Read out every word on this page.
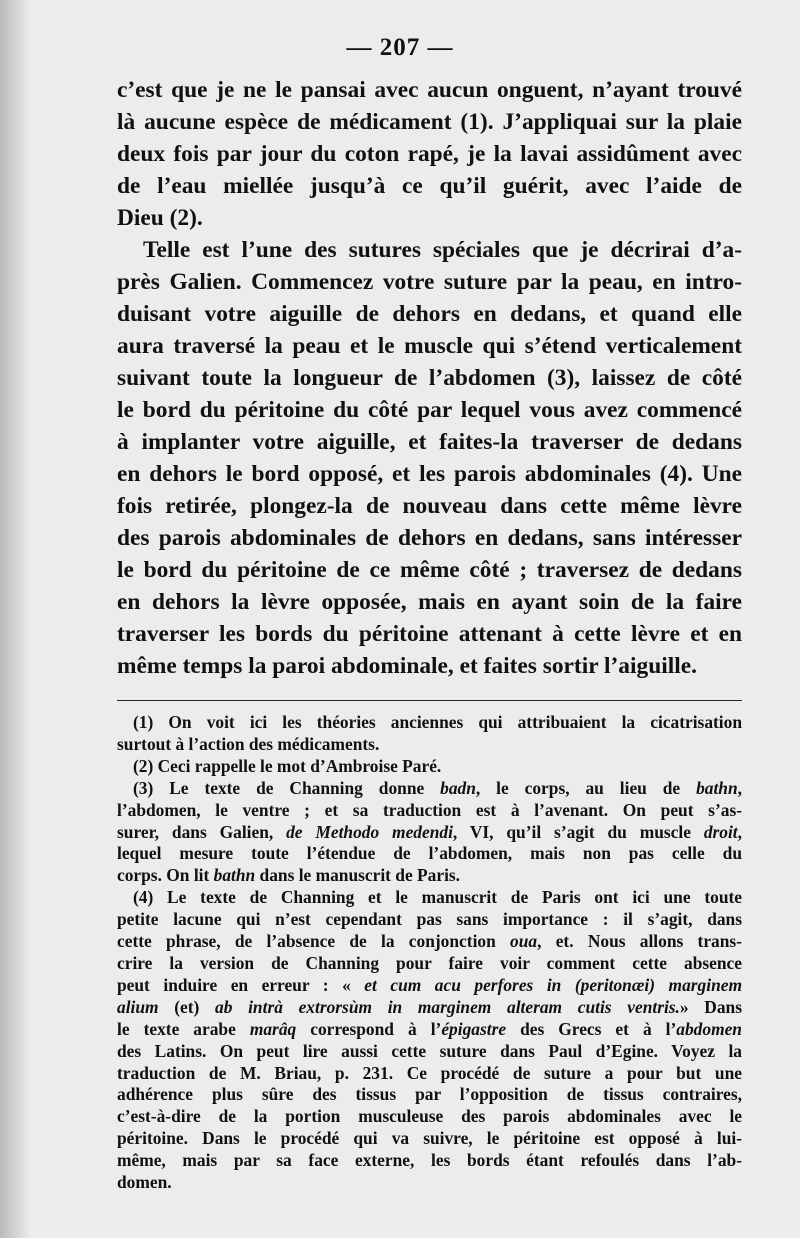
— 207 —
c’est que je ne le pansai avec aucun onguent, n’ayant trouvé
là aucune espèce de médicament (1). J’appliquai sur la plaie
deux fois par jour du coton rapé, je la lavai assidûment avec
de l’eau miellée jusqu’à ce qu’il guérit, avec l’aide de
Dieu (2).
Telle est l’une des sutures spéciales que je décrirai d’a-
près Galien. Commencez votre suture par la peau, en intro-
duisant votre aiguille de dehors en dedans, et quand elle
aura traversé la peau et le muscle qui s’étend verticalement
suivant toute la longueur de l’abdomen (3), laissez de côté
le bord du péritoine du côté par lequel vous avez commencé
à implanter votre aiguille, et faites-la traverser de dedans
en dehors le bord opposé, et les parois abdominales (4). Une
fois retirée, plongez-la de nouveau dans cette même lèvre
des parois abdominales de dehors en dedans, sans intéresser
le bord du péritoine de ce même côté ; traversez de dedans
en dehors la lèvre opposée, mais en ayant soin de la faire
traverser les bords du péritoine attenant à cette lèvre et en
même temps la paroi abdominale, et faites sortir l’aiguille.
(1) On voit ici les théories anciennes qui attribuaient la cicatrisation
surtout à l’action des médicaments.
(2) Ceci rappelle le mot d’Ambroise Paré.
(3) Le texte de Channing donne badn, le corps, au lieu de bathn,
l’abdomen, le ventre ; et sa traduction est à l’avenant. On peut s’as-
surer, dans Galien, de Methodo medendi, VI, qu’il s’agit du muscle droit,
lequel mesure toute l’étendue de l’abdomen, mais non pas celle du
corps. On lit bathn dans le manuscrit de Paris.
(4) Le texte de Channing et le manuscrit de Paris ont ici une toute
petite lacune qui n’est cependant pas sans importance : il s’agit, dans
cette phrase, de l’absence de la conjonction oua, et. Nous allons trans-
crire la version de Channing pour faire voir comment cette absence
peut induire en erreur : « et cum acu perfores in (peritonæi) marginem
alium (et) ab intrà extrorsùm in marginem alteram cutis ventris.» Dans
le texte arabe marâq correspond à l’épigastre des Grecs et à l’abdomen
des Latins. On peut lire aussi cette suture dans Paul d’Egine. Voyez la
traduction de M. Briau, p. 231. Ce procédé de suture a pour but une
adhérence plus sûre des tissus par l’opposition de tissus contraires,
c’est-à-dire de la portion musculeuse des parois abdominales avec le
péritoine. Dans le procédé qui va suivre, le péritoine est opposé à lui-
même, mais par sa face externe, les bords étant refoulés dans l’ab-
domen.
